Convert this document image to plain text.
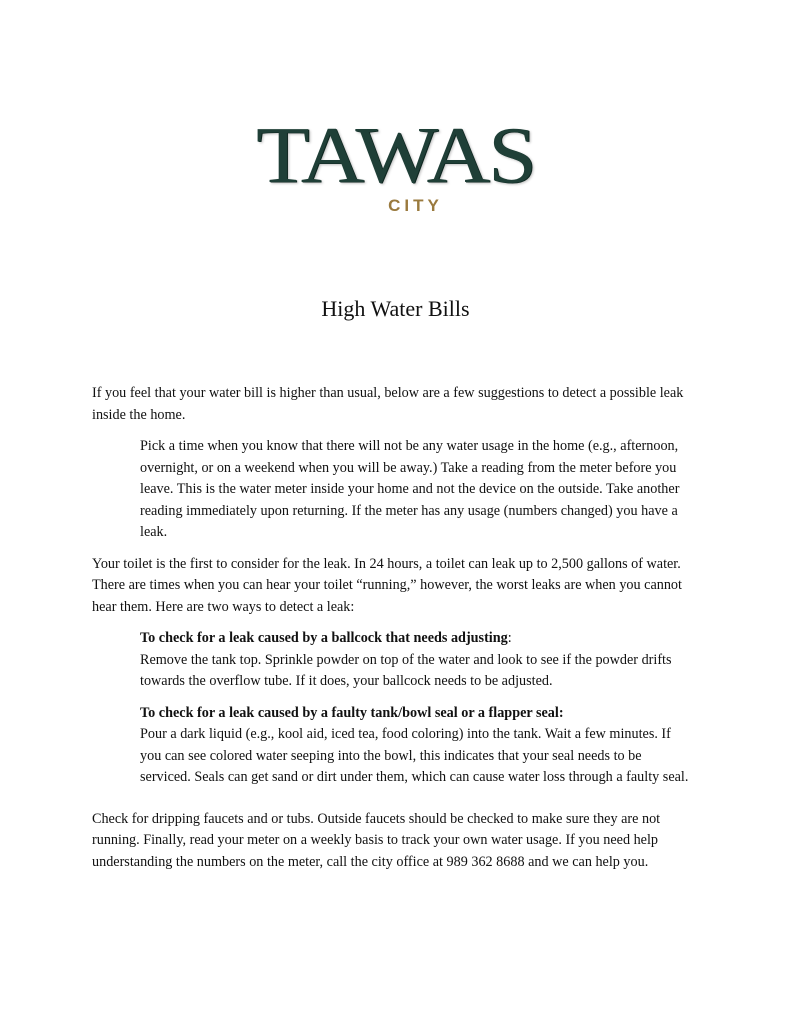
TAWAS
CITY
High Water Bills

If you feel that your water bill is higher than usual, below are a few suggestions to detect a possible leak inside the home.

Pick a time when you know that there will not be any water usage in the home (e.g., afternoon, overnight, or on a weekend when you will be away.) Take a reading from the meter before you leave. This is the water meter inside your home and not the device on the outside. Take another reading immediately upon returning. If the meter has any usage (numbers changed) you have a leak.

Your toilet is the first to consider for the leak. In 24 hours, a toilet can leak up to 2,500 gallons of water. There are times when you can hear your toilet “running,” however, the worst leaks are when you cannot hear them. Here are two ways to detect a leak:

To check for a leak caused by a ballcock that needs adjusting:

Remove the tank top. Sprinkle powder on top of the water and look to see if the powder drifts towards the overflow tube. If it does, your ballcock needs to be adjusted.

To check for a leak caused by a faulty tank/bowl seal or a flapper seal:

Pour a dark liquid (e.g., kool aid, iced tea, food coloring) into the tank. Wait a few minutes. If you can see colored water seeping into the bowl, this indicates that your seal needs to be serviced. Seals can get sand or dirt under them, which can cause water loss through a faulty seal.

Check for dripping faucets and or tubs. Outside faucets should be checked to make sure they are not running. Finally, read your meter on a weekly basis to track your own water usage. If you need help understanding the numbers on the meter, call the city office at 989 362 8688 and we can help you.
